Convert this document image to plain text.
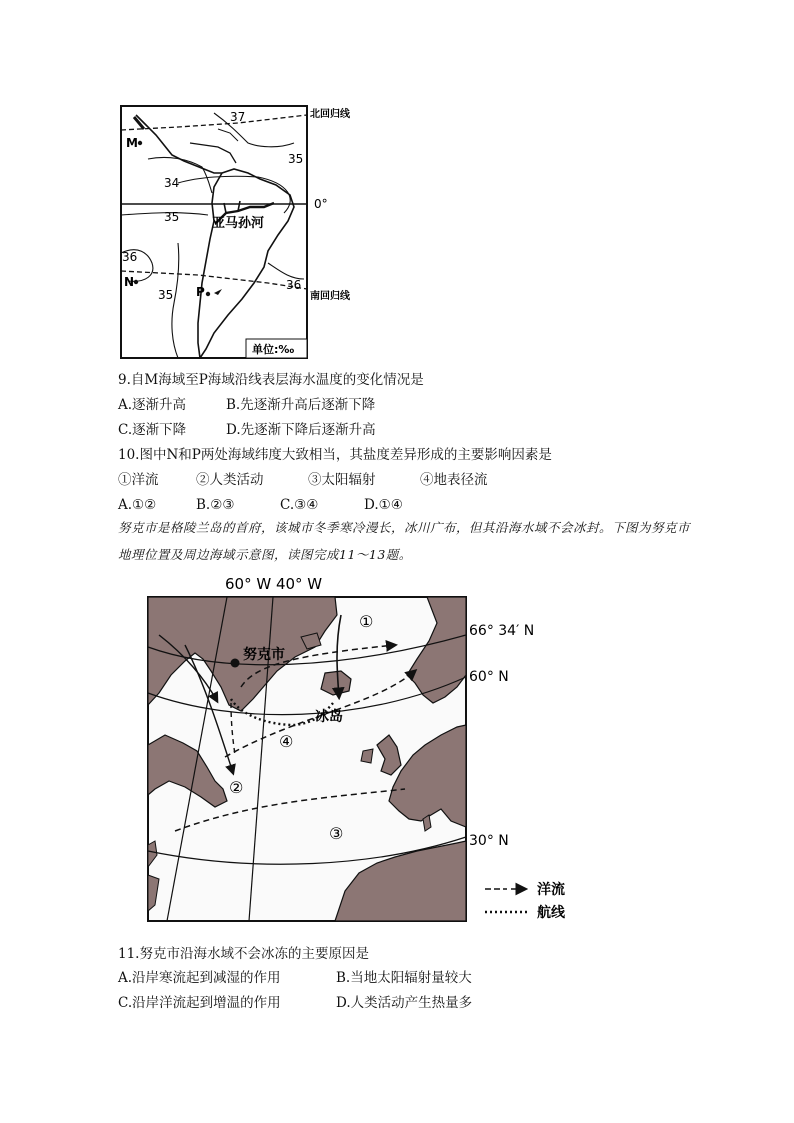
M
N
P
37
35
34
35
36
35
36
亚马孙河
北回归线
0°
南回归线
单位:‰
9.自M海域至P海域沿线表层海水温度的变化情况是
A.逐渐升高	B.先逐渐升高后逐渐下降
C.逐渐下降	D.先逐渐下降后逐渐升高
10.图中N和P两处海域纬度大致相当，其盐度差异形成的主要影响因素是
①洋流	②人类活动	③太阳辐射	④地表径流
A.①②	B.②③	C.③④	D.①④
努克市是格陵兰岛的首府，该城市冬季寒冷漫长，冰川广布，但其沿海水域不会冰封。下图为努克市地理位置及周边海域示意图，读图完成11～13题。
努克市
冰岛
①
②
③
④
60° W 40° W
66° 34′ N
60° N
30° N
洋流
航线
11.努克市沿海水域不会冰冻的主要原因是
A.沿岸寒流起到减湿的作用	B.当地太阳辐射量较大
C.沿岸洋流起到增温的作用	D.人类活动产生热量多
